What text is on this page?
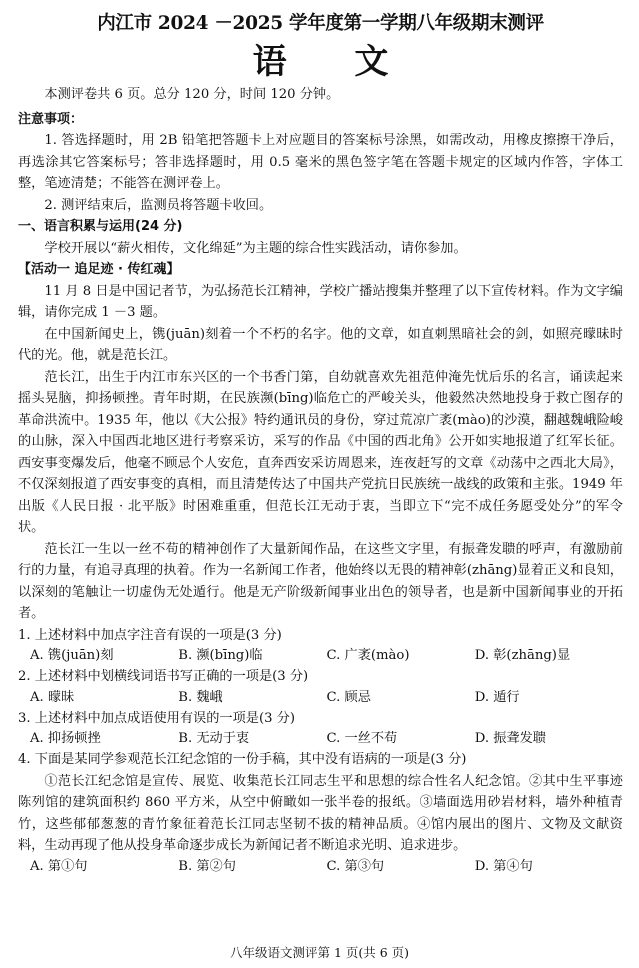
内江市 2024 －2025 学年度第一学期八年级期末测评
语 文

本测评卷共 6 页。总分 120 分，时间 120 分钟。

注意事项：

1. 答选择题时，用 2B 铅笔把答题卡上对应题目的答案标号涂黑，如需改动，用橡皮擦擦干净后，再选涂其它答案标号；答非选择题时，用 0.5 毫米的黑色签字笔在答题卡规定的区域内作答，字体工整，笔迹清楚；不能答在测评卷上。

2. 测评结束后，监测员将答题卡收回。

一、语言积累与运用(24 分)

学校开展以“薪火相传，文化绵延”为主题的综合性实践活动，请你参加。

【活动一 追足迹 · 传红魂】

11 月 8 日是中国记者节，为弘扬范长江精神，学校广播站搜集并整理了以下宣传材料。作为文字编辑，请你完成 1 －3 题。

在中国新闻史上，镌(juān)刻着一个不朽的名字。他的文章，如直刺黑暗社会的剑，如照亮曚昧时代的光。他，就是范长江。

范长江，出生于内江市东兴区的一个书香门第，自幼就喜欢先祖范仲淹先忧后乐的名言，诵读起来摇头晃脑，抑扬顿挫。青年时期，在民族濒(bīng)临危亡的严峻关头，他毅然决然地投身于救亡图存的革命洪流中。1935 年，他以《大公报》特约通讯员的身份，穿过荒凉广袤(mào)的沙漠，翻越魏峨险峻的山脉，深入中国西北地区进行考察采访，采写的作品《中国的西北角》公开如实地报道了红军长征。西安事变爆发后，他毫不顾忌个人安危，直奔西安采访周恩来，连夜赶写的文章《动荡中之西北大局》，不仅深刻报道了西安事变的真相，而且清楚传达了中国共产党抗日民族统一战线的政策和主张。1949 年出版《人民日报 · 北平版》时困难重重，但范长江无动于衷，当即立下“完不成任务愿受处分”的军令状。

范长江一生以一丝不苟的精神创作了大量新闻作品，在这些文字里，有振聋发聩的呼声，有激励前行的力量，有追寻真理的执着。作为一名新闻工作者，他始终以无畏的精神彰(zhāng)显着正义和良知，以深刻的笔触让一切虚伪无处遁行。他是无产阶级新闻事业出色的领导者，也是新中国新闻事业的开拓者。

1. 上述材料中加点字注音有误的一项是(3 分)

A. 镌(juān)刻	B. 濒(bīng)临	C. 广袤(mào)	D. 彰(zhāng)显

2. 上述材料中划横线词语书写正确的一项是(3 分)

A. 曚昧	B. 魏峨	C. 顾忌	D. 遁行

3. 上述材料中加点成语使用有误的一项是(3 分)

A. 抑扬顿挫	B. 无动于衷	C. 一丝不苟	D. 振聋发聩

4. 下面是某同学参观范长江纪念馆的一份手稿，其中没有语病的一项是(3 分)

①范长江纪念馆是宣传、展览、收集范长江同志生平和思想的综合性名人纪念馆。②其中生平事迹陈列馆的建筑面积约 860 平方米，从空中俯瞰如一张半卷的报纸。③墙面选用砂岩材料，墙外种植青竹，这些郁郁葱葱的青竹象征着范长江同志坚韧不拔的精神品质。④馆内展出的图片、文物及文献资料，生动再现了他从投身革命逐步成长为新闻记者不断追求光明、追求进步。

A. 第①句	B. 第②句	C. 第③句	D. 第④句
八年级语文测评第 1 页(共 6 页)
